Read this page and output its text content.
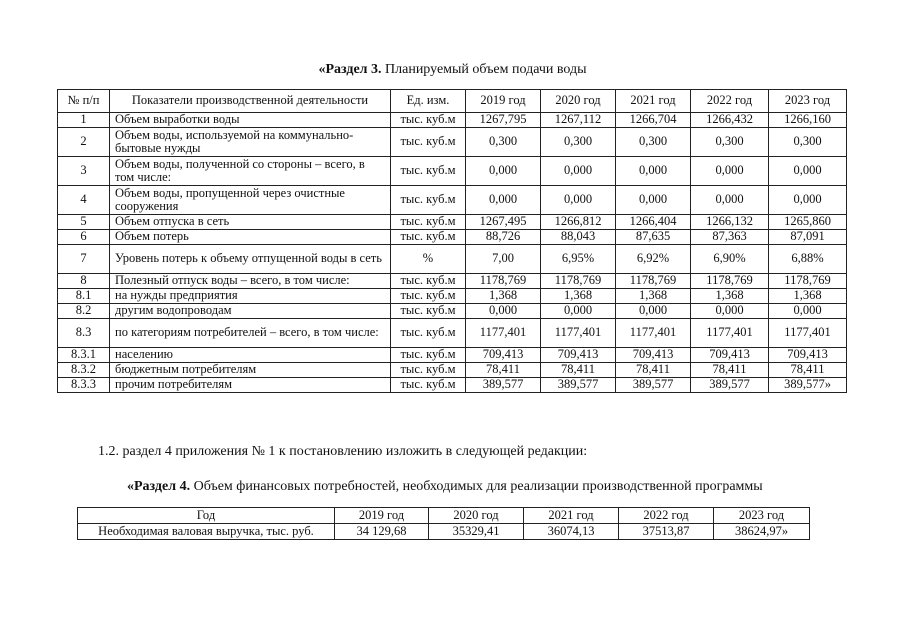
«Раздел 3. Планируемый объем подачи воды
№ п/п	Показатели производственной деятельности	Ед. изм.	2019 год	2020 год	2021 год	2022 год	2023 год
1	Объем выработки воды	тыс. куб.м	1267,795	1267,112	1266,704	1266,432	1266,160
2	Объем воды, используемой на коммунально-бытовые нужды	тыс. куб.м	0,300	0,300	0,300	0,300	0,300
3	Объем воды, полученной со стороны – всего, в том числе:	тыс. куб.м	0,000	0,000	0,000	0,000	0,000
4	Объем воды, пропущенной через очистные сооружения	тыс. куб.м	0,000	0,000	0,000	0,000	0,000
5	Объем отпуска в сеть	тыс. куб.м	1267,495	1266,812	1266,404	1266,132	1265,860
6	Объем потерь	тыс. куб.м	88,726	88,043	87,635	87,363	87,091
7	Уровень потерь к объему отпущенной воды в сеть	%	7,00	6,95%	6,92%	6,90%	6,88%
8	Полезный отпуск воды – всего, в том числе:	тыс. куб.м	1178,769	1178,769	1178,769	1178,769	1178,769
8.1	на нужды предприятия	тыс. куб.м	1,368	1,368	1,368	1,368	1,368
8.2	другим водопроводам	тыс. куб.м	0,000	0,000	0,000	0,000	0,000
8.3	по категориям потребителей – всего, в том числе:	тыс. куб.м	1177,401	1177,401	1177,401	1177,401	1177,401
8.3.1	населению	тыс. куб.м	709,413	709,413	709,413	709,413	709,413
8.3.2	бюджетным потребителям	тыс. куб.м	78,411	78,411	78,411	78,411	78,411
8.3.3	прочим потребителям	тыс. куб.м	389,577	389,577	389,577	389,577	389,577»
1.2. раздел 4 приложения № 1 к постановлению изложить в следующей редакции:
«Раздел 4. Объем финансовых потребностей, необходимых для реализации производственной программы
Год	2019 год	2020 год	2021 год	2022 год	2023 год
Необходимая валовая выручка, тыс. руб.	34 129,68	35329,41	36074,13	37513,87	38624,97»
